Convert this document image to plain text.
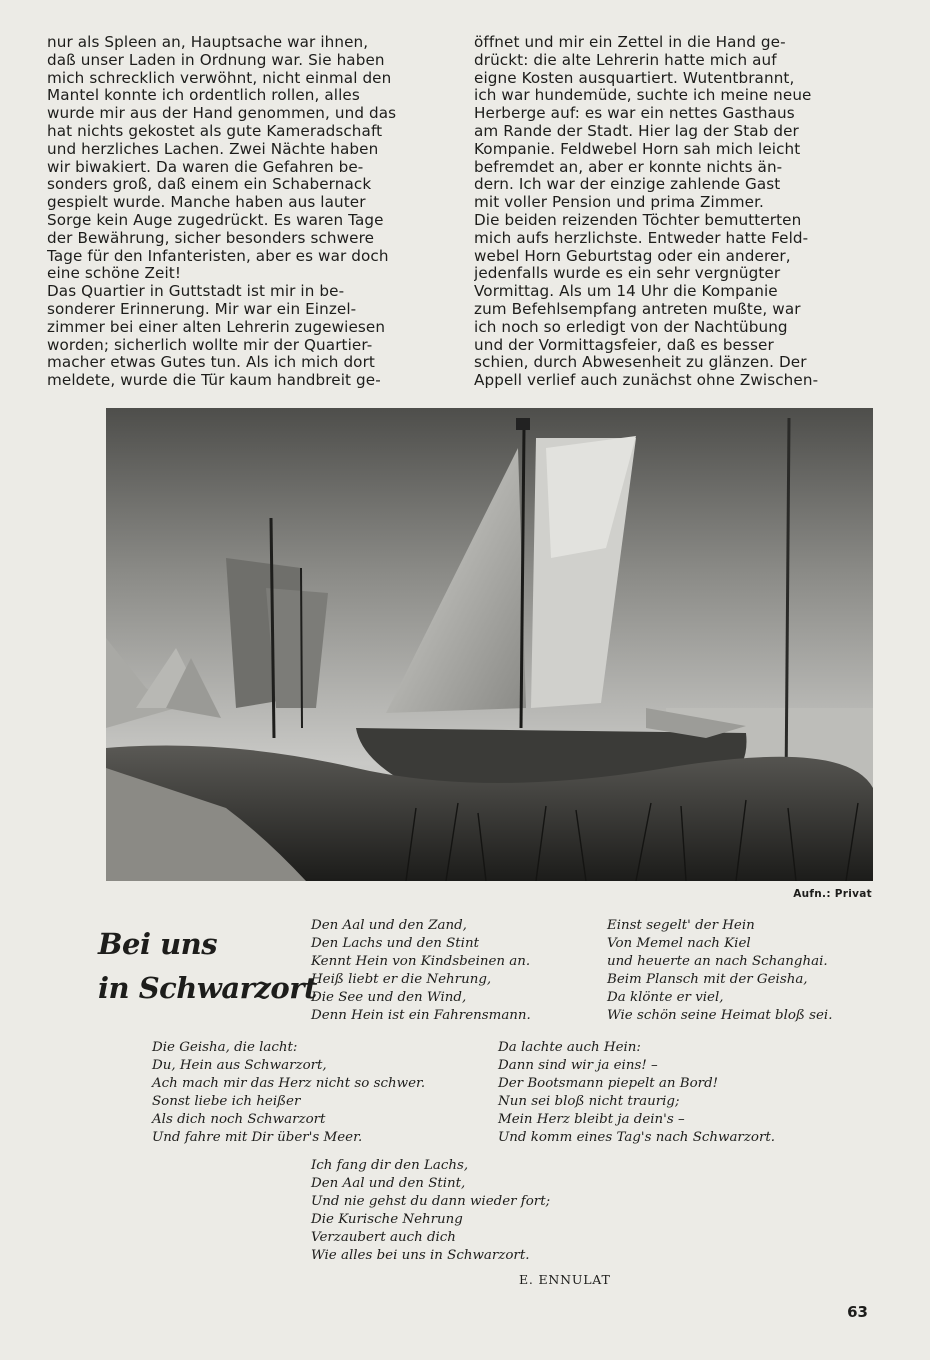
nur als Spleen an, Hauptsache war ihnen,
daß unser Laden in Ordnung war. Sie haben
mich schrecklich verwöhnt, nicht einmal den
Mantel konnte ich ordentlich rollen, alles
wurde mir aus der Hand genommen, und das
hat nichts gekostet als gute Kameradschaft
und herzliches Lachen. Zwei Nächte haben
wir biwakiert. Da waren die Gefahren be-
sonders groß, daß einem ein Schabernack
gespielt wurde. Manche haben aus lauter
Sorge kein Auge zugedrückt. Es waren Tage
der Bewährung, sicher besonders schwere
Tage für den Infanteristen, aber es war doch
eine schöne Zeit!
Das Quartier in Guttstadt ist mir in be-
sonderer Erinnerung. Mir war ein Einzel-
zimmer bei einer alten Lehrerin zugewiesen
worden; sicherlich wollte mir der Quartier-
macher etwas Gutes tun. Als ich mich dort
meldete, wurde die Tür kaum handbreit ge-
öffnet und mir ein Zettel in die Hand ge-
drückt: die alte Lehrerin hatte mich auf
eigne Kosten ausquartiert. Wutentbrannt,
ich war hundemüde, suchte ich meine neue
Herberge auf: es war ein nettes Gasthaus
am Rande der Stadt. Hier lag der Stab der
Kompanie. Feldwebel Horn sah mich leicht
befremdet an, aber er konnte nichts än-
dern. Ich war der einzige zahlende Gast
mit voller Pension und prima Zimmer.
Die beiden reizenden Töchter bemutterten
mich aufs herzlichste. Entweder hatte Feld-
webel Horn Geburtstag oder ein anderer,
jedenfalls wurde es ein sehr vergnügter
Vormittag. Als um 14 Uhr die Kompanie
zum Befehlsempfang antreten mußte, war
ich noch so erledigt von der Nachtübung
und der Vormittagsfeier, daß es besser
schien, durch Abwesenheit zu glänzen. Der
Appell verlief auch zunächst ohne Zwischen-
Aufn.: Privat
Bei uns
in Schwarzort
Den Aal und den Zand,
Den Lachs und den Stint
Kennt Hein von Kindsbeinen an.
Heiß liebt er die Nehrung,
Die See und den Wind,
Denn Hein ist ein Fahrensmann.
Einst segelt' der Hein
Von Memel nach Kiel
und heuerte an nach Schanghai.
Beim Plansch mit der Geisha,
Da klönte er viel,
Wie schön seine Heimat bloß sei.
Die Geisha, die lacht:
Du, Hein aus Schwarzort,
Ach mach mir das Herz nicht so schwer.
Sonst liebe ich heißer
Als dich noch Schwarzort
Und fahre mit Dir über's Meer.
Da lachte auch Hein:
Dann sind wir ja eins! –
Der Bootsmann piepelt an Bord!
Nun sei bloß nicht traurig;
Mein Herz bleibt ja dein's –
Und komm eines Tag's nach Schwarzort.
Ich fang dir den Lachs,
Den Aal und den Stint,
Und nie gehst du dann wieder fort;
Die Kurische Nehrung
Verzaubert auch dich
Wie alles bei uns in Schwarzort.
E. ENNULAT
63
